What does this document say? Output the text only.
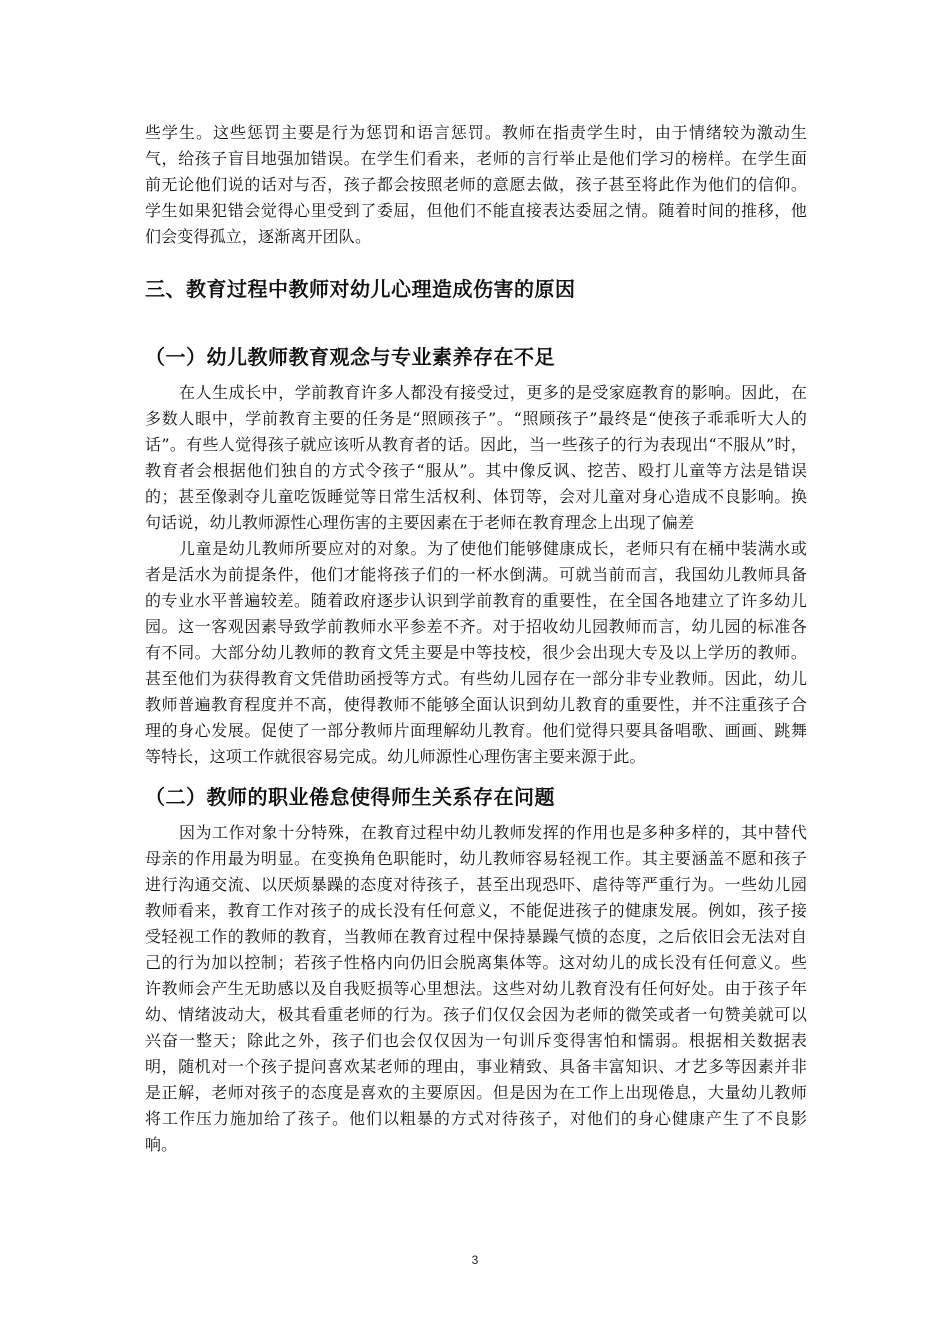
些学生。这些惩罚主要是行为惩罚和语言惩罚。教师在指责学生时，由于情绪较为激动生气，给孩子盲目地强加错误。在学生们看来，老师的言行举止是他们学习的榜样。在学生面前无论他们说的话对与否，孩子都会按照老师的意愿去做，孩子甚至将此作为他们的信仰。学生如果犯错会觉得心里受到了委屈，但他们不能直接表达委屈之情。随着时间的推移，他们会变得孤立，逐渐离开团队。

三、教育过程中教师对幼儿心理造成伤害的原因
（一）幼儿教师教育观念与专业素养存在不足

在人生成长中，学前教育许多人都没有接受过，更多的是受家庭教育的影响。因此，在多数人眼中，学前教育主要的任务是“照顾孩子”。“照顾孩子”最终是“使孩子乖乖听大人的话”。有些人觉得孩子就应该听从教育者的话。因此，当一些孩子的行为表现出“不服从”时，教育者会根据他们独自的方式令孩子“服从”。其中像反讽、挖苦、殴打儿童等方法是错误的；甚至像剥夺儿童吃饭睡觉等日常生活权利、体罚等，会对儿童对身心造成不良影响。换句话说，幼儿教师源性心理伤害的主要因素在于老师在教育理念上出现了偏差

儿童是幼儿教师所要应对的对象。为了使他们能够健康成长，老师只有在桶中装满水或者是活水为前提条件，他们才能将孩子们的一杯水倒满。可就当前而言，我国幼儿教师具备的专业水平普遍较差。随着政府逐步认识到学前教育的重要性，在全国各地建立了许多幼儿园。这一客观因素导致学前教师水平参差不齐。对于招收幼儿园教师而言，幼儿园的标准各有不同。大部分幼儿教师的教育文凭主要是中等技校，很少会出现大专及以上学历的教师。甚至他们为获得教育文凭借助函授等方式。有些幼儿园存在一部分非专业教师。因此，幼儿教师普遍教育程度并不高，使得教师不能够全面认识到幼儿教育的重要性，并不注重孩子合理的身心发展。促使了一部分教师片面理解幼儿教育。他们觉得只要具备唱歌、画画、跳舞等特长，这项工作就很容易完成。幼儿师源性心理伤害主要来源于此。

（二）教师的职业倦怠使得师生关系存在问题

因为工作对象十分特殊，在教育过程中幼儿教师发挥的作用也是多种多样的，其中替代母亲的作用最为明显。在变换角色职能时，幼儿教师容易轻视工作。其主要涵盖不愿和孩子进行沟通交流、以厌烦暴躁的态度对待孩子，甚至出现恐吓、虐待等严重行为。一些幼儿园教师看来，教育工作对孩子的成长没有任何意义，不能促进孩子的健康发展。例如，孩子接受轻视工作的教师的教育，当教师在教育过程中保持暴躁气愤的态度，之后依旧会无法对自己的行为加以控制；若孩子性格内向仍旧会脱离集体等。这对幼儿的成长没有任何意义。些许教师会产生无助感以及自我贬损等心里想法。这些对幼儿教育没有任何好处。由于孩子年幼、情绪波动大，极其看重老师的行为。孩子们仅仅会因为老师的微笑或者一句赞美就可以兴奋一整天；除此之外，孩子们也会仅仅因为一句训斥变得害怕和懦弱。根据相关数据表明，随机对一个孩子提问喜欢某老师的理由，事业精致、具备丰富知识、才艺多等因素并非是正解，老师对孩子的态度是喜欢的主要原因。但是因为在工作上出现倦息，大量幼儿教师将工作压力施加给了孩子。他们以粗暴的方式对待孩子，对他们的身心健康产生了不良影响。

3
